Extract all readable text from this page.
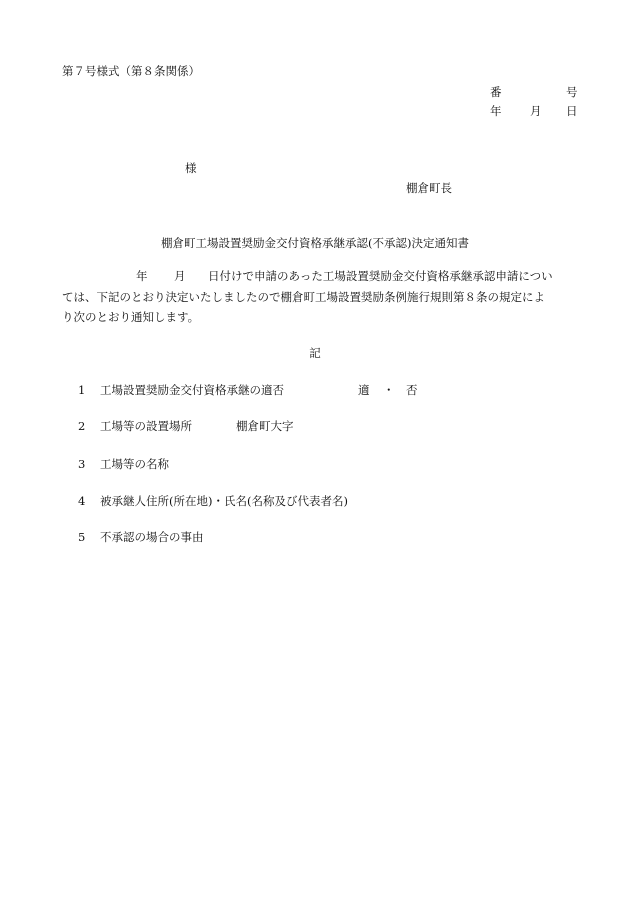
第７号様式（第８条関係）
番	号
年 月 日
様
棚倉町長
棚倉町工場設置奨励金交付資格承継承認(不承認)決定通知書
年 月 日付けで申請のあった工場設置奨励金交付資格承継承認申請につい
ては、下記のとおり決定いたしましたので棚倉町工場設置奨励条例施行規則第８条の規定によ
り次のとおり通知します。
記
1 工場設置奨励金交付資格承継の適否	適 ・ 否
2 工場等の設置場所	棚倉町大字
3 工場等の名称
4 被承継人住所(所在地)・氏名(名称及び代表者名)
5 不承認の場合の事由
